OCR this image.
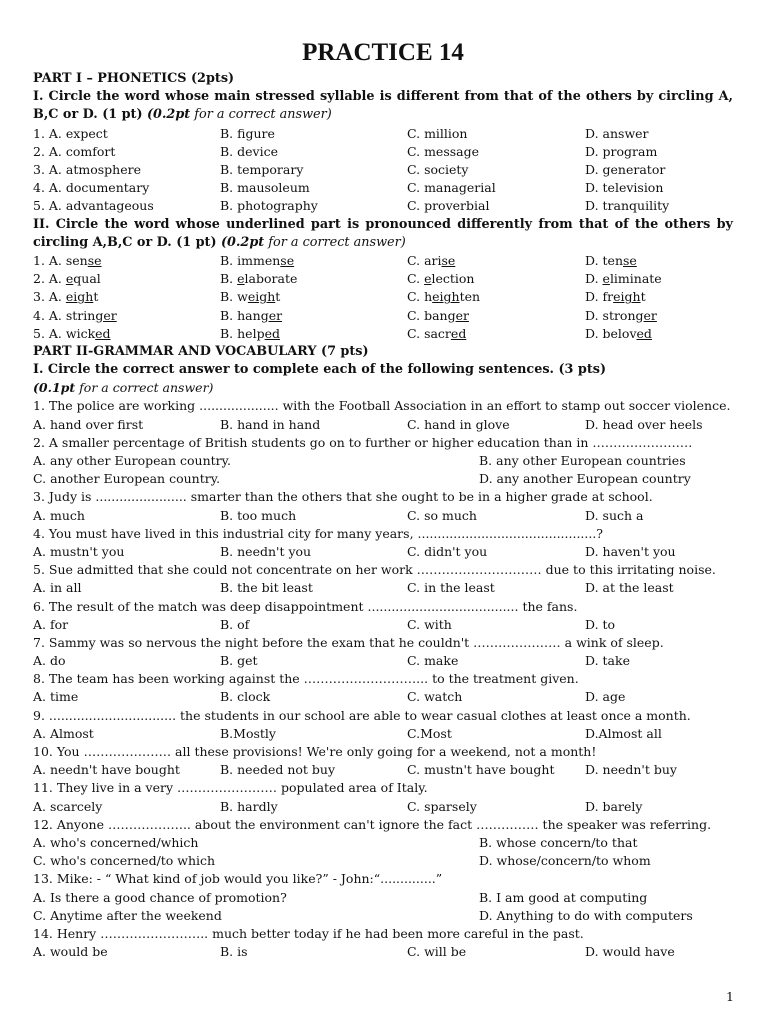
PRACTICE 14
PART I – PHONETICS (2pts)
I. Circle the word whose main stressed syllable is different from that of the others by circling A, B,C or D. (1 pt) (0.2pt for a correct answer)
1. A. expect	B. figure	C. million	D. answer
2. A. comfort	B. device	C. message	D. program
3. A. atmosphere	B. temporary	C. society	D. generator
4. A. documentary	B. mausoleum	C. managerial	D. television
5. A. advantageous	B. photography	C. proverbial	D. tranquility
II. Circle the word whose underlined part is pronounced differently from that of the others by circling A,B,C or D. (1 pt) (0.2pt for a correct answer)
1. A. sense	B. immense	C. arise	D. tense
2. A. equal	B. elaborate	C. election	D. eliminate
3. A. eight	B. weight	C. heighten	D. freight
4. A. stringer	B. hanger	C. banger	D. stronger
5. A. wicked	B. helped	C. sacred	D. beloved
PART II-GRAMMAR AND VOCABULARY (7 pts)
I. Circle the correct answer to complete each of the following sentences. (3 pts)
(0.1pt for a correct answer)
1. The police are working .................... with the Football Association in an effort to stamp out soccer violence.
A. hand over first	B. hand in hand	C. hand in glove	D. head over heels
2. A smaller percentage of British students go on to further or higher education than in ……………………
A. any other European country.	B. any other European countries
C. another European country.	D. any another European country
3. Judy is ....................... smarter than the others that she ought to be in a higher grade at school.
A. much	B. too much	C. so much	D. such a
4. You must have lived in this industrial city for many years, .............................................?
A. mustn't you	B. needn't you	C. didn't you	D. haven't you
5. Sue admitted that she could not concentrate on her work ………………………… due to this irritating noise.
A. in all	B. the bit least	C. in the least	D. at the least
6. The result of the match was deep disappointment ...................................... the fans.
A. for	B. of	C. with	D. to
7. Sammy was so nervous the night before the exam that he couldn't ………………… a wink of sleep.
A. do	B. get	C. make	D. take
8. The team has been working against the ………………………... to the treatment given.
A. time	B. clock	C. watch	D. age
9. ................................ the students in our school are able to wear casual clothes at least once a month.
A. Almost	B.Mostly	C.Most	D.Almost all
10. You ………………… all these provisions! We're only going for a weekend, not a month!
A. needn't have bought	B. needed not buy	C. mustn't have bought	D. needn't buy
11. They live in a very …………………… populated area of Italy.
A. scarcely	B. hardly	C. sparsely	D. barely
12. Anyone ……………….. about the environment can't ignore the fact …………… the speaker was referring.
A. who's concerned/which	B. whose concern/to that
C. who's concerned/to which	D. whose/concern/to whom
13. Mike: - “ What kind of job would you like?” - John:“..............”
A. Is there a good chance of promotion?	B. I am good at computing
C. Anytime after the weekend	D. Anything to do with computers
14. Henry …………………….. much better today if he had been more careful in the past.
A. would be	B. is	C. will be	D. would have
1
